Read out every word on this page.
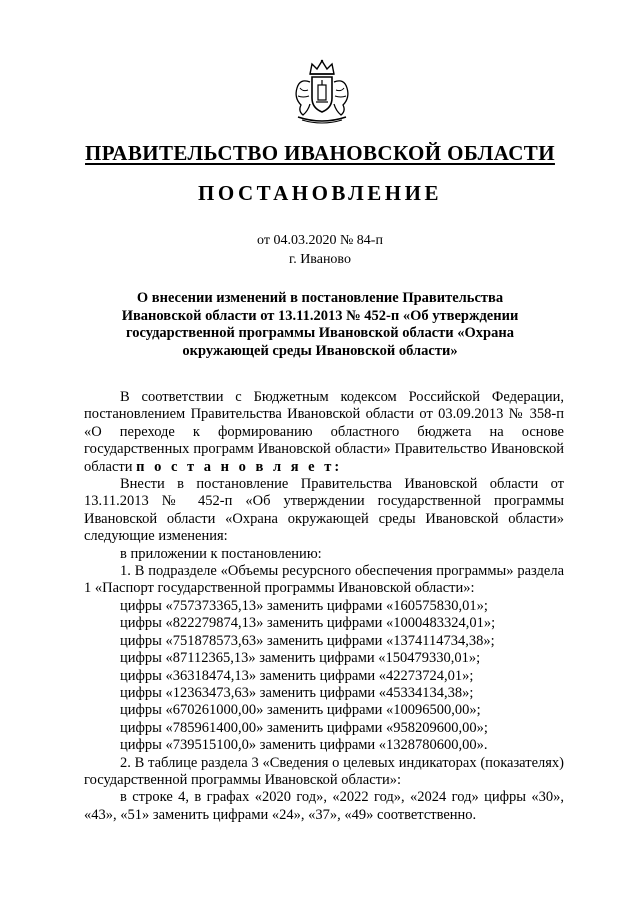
ПРАВИТЕЛЬСТВО ИВАНОВСКОЙ ОБЛАСТИ
ПОСТАНОВЛЕНИЕ
от 04.03.2020 № 84-п
г. Иваново
О внесении изменений в постановление Правительства
Ивановской области от 13.11.2013 № 452-п «Об утверждении
государственной программы Ивановской области «Охрана
окружающей среды Ивановской области»

В соответствии с Бюджетным кодексом Российской Федерации, постановлением Правительства Ивановской области от 03.09.2013 № 358-п «О переходе к формированию областного бюджета на основе государственных программ Ивановской области» Правительство Ивановской области п о с т а н о в л я е т:

Внести в постановление Правительства Ивановской области от 13.11.2013 № 452-п «Об утверждении государственной программы Ивановской области «Охрана окружающей среды Ивановской области» следующие изменения:

в приложении к постановлению:

1. В подразделе «Объемы ресурсного обеспечения программы» раздела 1 «Паспорт государственной программы Ивановской области»:

цифры «757373365,13» заменить цифрами «160575830,01»;

цифры «822279874,13» заменить цифрами «1000483324,01»;

цифры «751878573,63» заменить цифрами «1374114734,38»;

цифры «87112365,13» заменить цифрами «150479330,01»;

цифры «36318474,13» заменить цифрами «42273724,01»;

цифры «12363473,63» заменить цифрами «45334134,38»;

цифры «670261000,00» заменить цифрами «10096500,00»;

цифры «785961400,00» заменить цифрами «958209600,00»;

цифры «739515100,0» заменить цифрами «1328780600,00».

2. В таблице раздела 3 «Сведения о целевых индикаторах (показателях) государственной программы Ивановской области»:

в строке 4, в графах «2020 год», «2022 год», «2024 год» цифры «30», «43», «51» заменить цифрами «24», «37», «49» соответственно.
